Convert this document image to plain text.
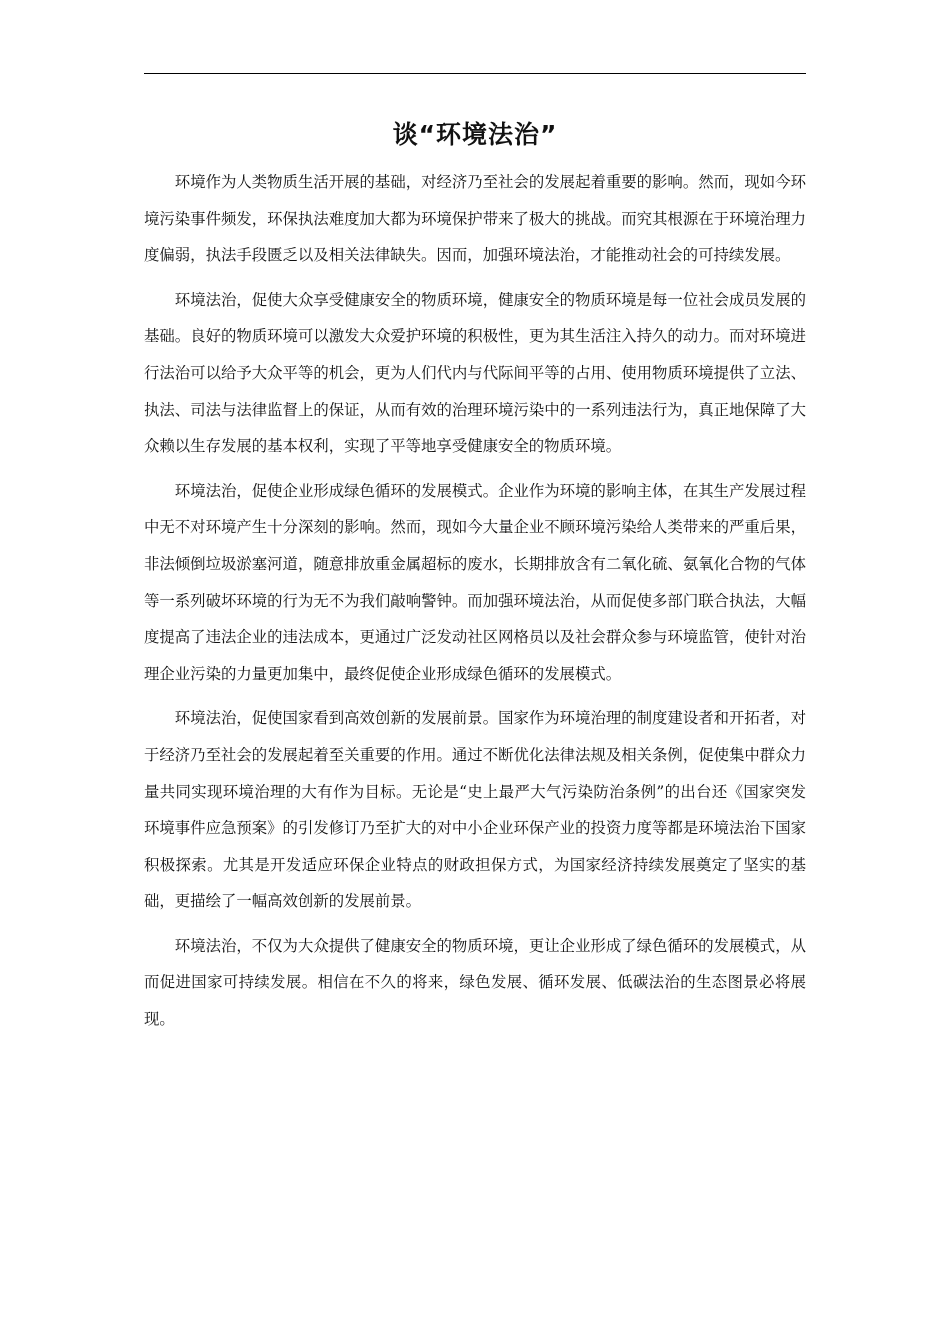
谈“环境法治”

环境作为人类物质生活开展的基础，对经济乃至社会的发展起着重要的影响。然而，现如今环境污染事件频发，环保执法难度加大都为环境保护带来了极大的挑战。而究其根源在于环境治理力度偏弱，执法手段匮乏以及相关法律缺失。因而，加强环境法治，才能推动社会的可持续发展。

环境法治，促使大众享受健康安全的物质环境，健康安全的物质环境是每一位社会成员发展的基础。良好的物质环境可以激发大众爱护环境的积极性，更为其生活注入持久的动力。而对环境进行法治可以给予大众平等的机会，更为人们代内与代际间平等的占用、使用物质环境提供了立法、执法、司法与法律监督上的保证，从而有效的治理环境污染中的一系列违法行为，真正地保障了大众赖以生存发展的基本权利，实现了平等地享受健康安全的物质环境。

环境法治，促使企业形成绿色循环的发展模式。企业作为环境的影响主体，在其生产发展过程中无不对环境产生十分深刻的影响。然而，现如今大量企业不顾环境污染给人类带来的严重后果，非法倾倒垃圾淤塞河道，随意排放重金属超标的废水，长期排放含有二氧化硫、氨氧化合物的气体等一系列破坏环境的行为无不为我们敲响警钟。而加强环境法治，从而促使多部门联合执法，大幅度提高了违法企业的违法成本，更通过广泛发动社区网格员以及社会群众参与环境监管，使针对治理企业污染的力量更加集中，最终促使企业形成绿色循环的发展模式。

环境法治，促使国家看到高效创新的发展前景。国家作为环境治理的制度建设者和开拓者，对于经济乃至社会的发展起着至关重要的作用。通过不断优化法律法规及相关条例，促使集中群众力量共同实现环境治理的大有作为目标。无论是“史上最严大气污染防治条例”的出台还《国家突发环境事件应急预案》的引发修订乃至扩大的对中小企业环保产业的投资力度等都是环境法治下国家积极探索。尤其是开发适应环保企业特点的财政担保方式，为国家经济持续发展奠定了坚实的基础，更描绘了一幅高效创新的发展前景。

环境法治，不仅为大众提供了健康安全的物质环境，更让企业形成了绿色循环的发展模式，从而促进国家可持续发展。相信在不久的将来，绿色发展、循环发展、低碳法治的生态图景必将展现。
